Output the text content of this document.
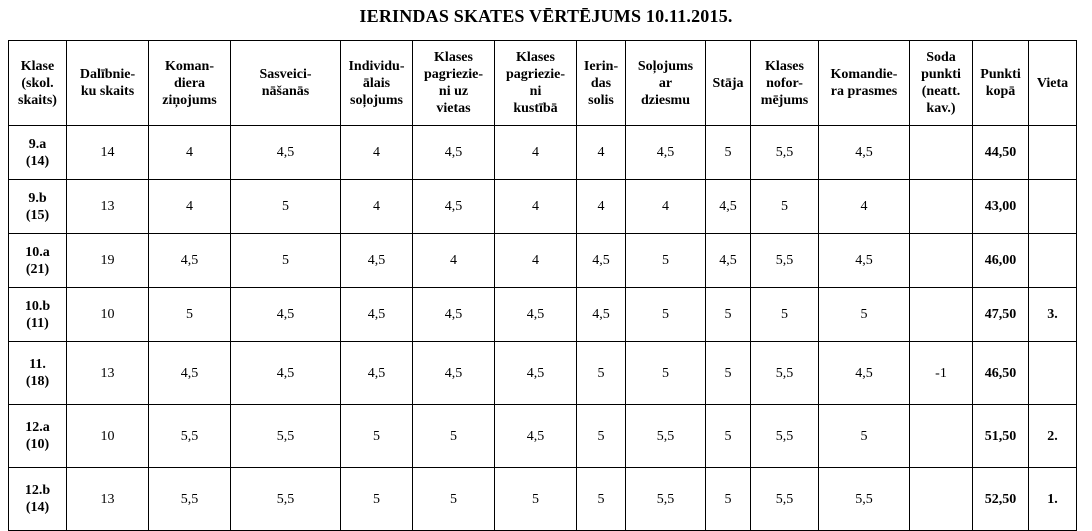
IERINDAS SKATES VĒRTĒJUMS 10.11.2015.
Klase
(skol.
skaits)	Dalībnie-
ku skaits	Koman-
diera
ziņojums	Sasveici-
nāšanās	Individu-
ālais
soļojums	Klases
pagriezie-
ni uz
vietas	Klases
pagriezie-
ni
kustībā	Ierin-
das
solis	Soļojums
ar
dziesmu	Stāja	Klases
nofor-
mējums	Komandie-
ra prasmes	Soda
punkti
(neatt.
kav.)	Punkti
kopā	Vieta

9.a
(14)	14	4	4,5	4	4,5	4	4	4,5	5	5,5	4,5		44,50	

9.b
(15)	13	4	5	4	4,5	4	4	4	4,5	5	4		43,00	

10.a
(21)	19	4,5	5	4,5	4	4	4,5	5	4,5	5,5	4,5		46,00	

10.b
(11)	10	5	4,5	4,5	4,5	4,5	4,5	5	5	5	5		47,50	3.

11.
(18)	13	4,5	4,5	4,5	4,5	4,5	5	5	5	5,5	4,5	-1	46,50	

12.a
(10)	10	5,5	5,5	5	5	4,5	5	5,5	5	5,5	5		51,50	2.

12.b
(14)	13	5,5	5,5	5	5	5	5	5,5	5	5,5	5,5		52,50	1.
